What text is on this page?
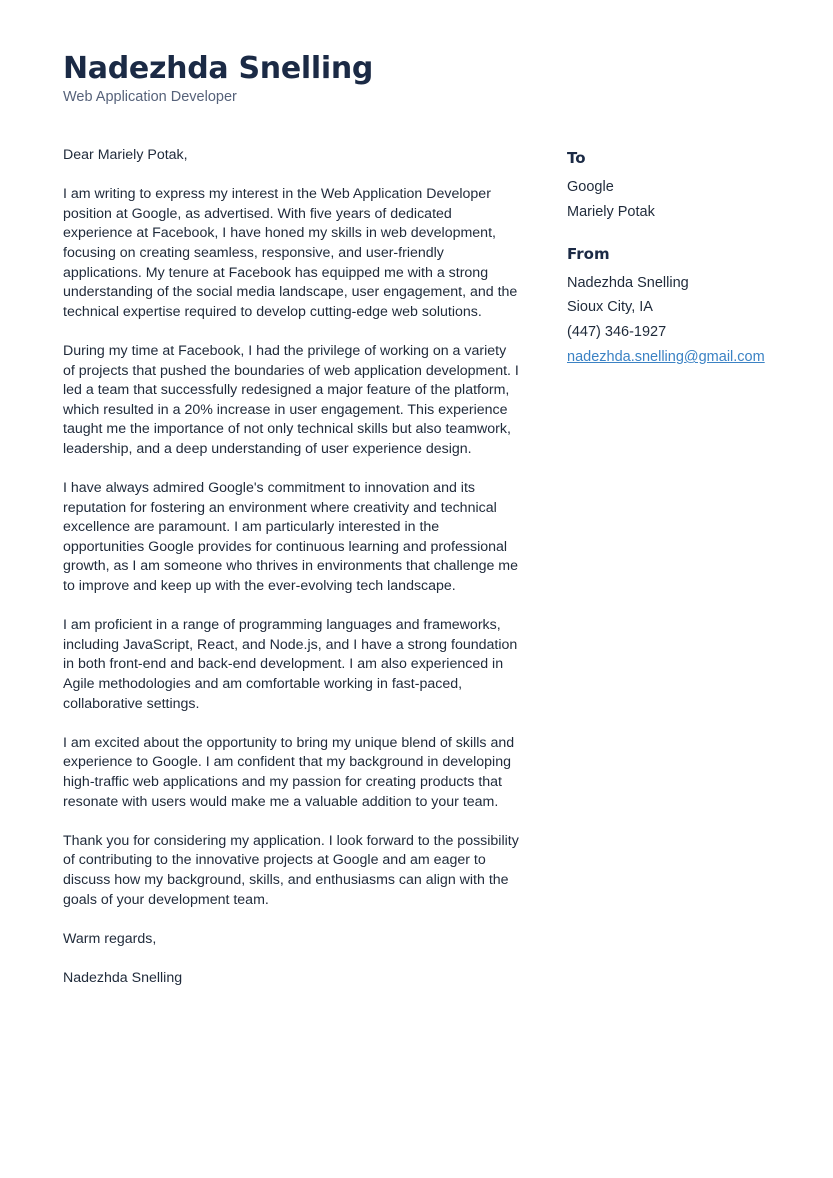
Nadezhda Snelling

Web Application Developer

Dear Mariely Potak,

I am writing to express my interest in the Web Application Developer position at Google, as advertised. With five years of dedicated experience at Facebook, I have honed my skills in web development, focusing on creating seamless, responsive, and user-friendly applications. My tenure at Facebook has equipped me with a strong understanding of the social media landscape, user engagement, and the technical expertise required to develop cutting-edge web solutions.

During my time at Facebook, I had the privilege of working on a variety of projects that pushed the boundaries of web application development. I led a team that successfully redesigned a major feature of the platform, which resulted in a 20% increase in user engagement. This experience taught me the importance of not only technical skills but also teamwork, leadership, and a deep understanding of user experience design.

I have always admired Google's commitment to innovation and its reputation for fostering an environment where creativity and technical excellence are paramount. I am particularly interested in the opportunities Google provides for continuous learning and professional growth, as I am someone who thrives in environments that challenge me to improve and keep up with the ever-evolving tech landscape.

I am proficient in a range of programming languages and frameworks, including JavaScript, React, and Node.js, and I have a strong foundation in both front-end and back-end development. I am also experienced in Agile methodologies and am comfortable working in fast-paced, collaborative settings.

I am excited about the opportunity to bring my unique blend of skills and experience to Google. I am confident that my background in developing high-traffic web applications and my passion for creating products that resonate with users would make me a valuable addition to your team.

Thank you for considering my application. I look forward to the possibility of contributing to the innovative projects at Google and am eager to discuss how my background, skills, and enthusiasms can align with the goals of your development team.

Warm regards,

Nadezhda Snelling

To
Google
Mariely Potak
From
Nadezhda Snelling
Sioux City, IA
(447) 346-1927
nadezhda.snelling@gmail.com
